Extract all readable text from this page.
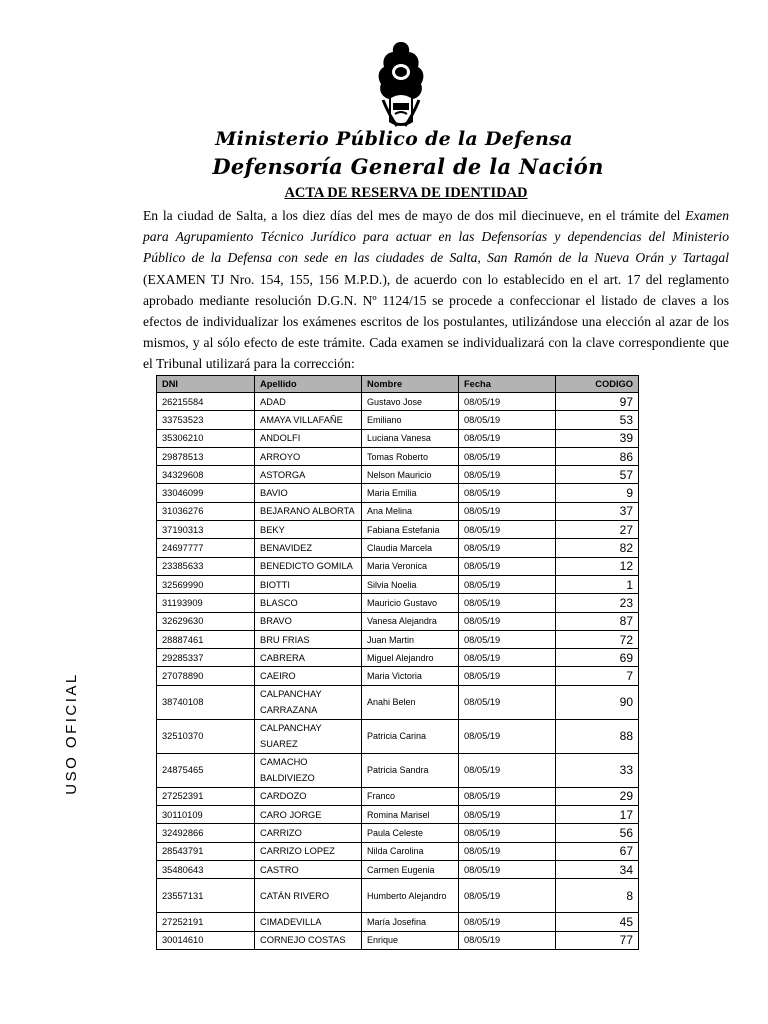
Ministerio Público de la Defensa
Defensoría General de la Nación
ACTA DE RESERVA DE IDENTIDAD
En la ciudad de Salta, a los diez días del mes de mayo de dos mil diecinueve, en el trámite del Examen para Agrupamiento Técnico Jurídico para actuar en las Defensorías y dependencias del Ministerio Público de la Defensa con sede en las ciudades de Salta, San Ramón de la Nueva Orán y Tartagal (EXAMEN TJ Nro. 154, 155, 156 M.P.D.), de acuerdo con lo establecido en el art. 17 del reglamento aprobado mediante resolución D.G.N. Nº 1124/15 se procede a confeccionar el listado de claves a los efectos de individualizar los exámenes escritos de los postulantes, utilizándose una elección al azar de los mismos, y al sólo efecto de este trámite. Cada examen se individualizará con la clave correspondiente que el Tribunal utilizará para la corrección:
USO OFICIAL
DNI	Apellido	Nombre	Fecha	CODIGO
26215584	ADAD	Gustavo Jose	08/05/19	97
33753523	AMAYA VILLAFAÑE	Emiliano	08/05/19	53
35306210	ANDOLFI	Luciana Vanesa	08/05/19	39
29878513	ARROYO	Tomas Roberto	08/05/19	86
34329608	ASTORGA	Nelson Mauricio	08/05/19	57
33046099	BAVIO	Maria Emilia	08/05/19	9
31036276	BEJARANO ALBORTA	Ana Melina	08/05/19	37
37190313	BEKY	Fabiana Estefania	08/05/19	27
24697777	BENAVIDEZ	Claudia Marcela	08/05/19	82
23385633	BENEDICTO GOMILA	Maria Veronica	08/05/19	12
32569990	BIOTTI	Silvia Noelia	08/05/19	1
31193909	BLASCO	Mauricio Gustavo	08/05/19	23
32629630	BRAVO	Vanesa Alejandra	08/05/19	87
28887461	BRU FRIAS	Juan Martin	08/05/19	72
29285337	CABRERA	Miguel Alejandro	08/05/19	69
27078890	CAEIRO	Maria Victoria	08/05/19	7
38740108	CALPANCHAY CARRAZANA	Anahi Belen	08/05/19	90
32510370	CALPANCHAY SUAREZ	Patricia Carina	08/05/19	88
24875465	CAMACHO BALDIVIEZO	Patricia Sandra	08/05/19	33
27252391	CARDOZO	Franco	08/05/19	29
30110109	CARO JORGE	Romina Marisel	08/05/19	17
32492866	CARRIZO	Paula Celeste	08/05/19	56
28543791	CARRIZO LOPEZ	Nilda Carolina	08/05/19	67
35480643	CASTRO	Carmen Eugenia	08/05/19	34
23557131	CATÁN RIVERO	Humberto Alejandro	08/05/19	8
27252191	CIMADEVILLA	María Josefina	08/05/19	45
30014610	CORNEJO COSTAS	Enrique	08/05/19	77
